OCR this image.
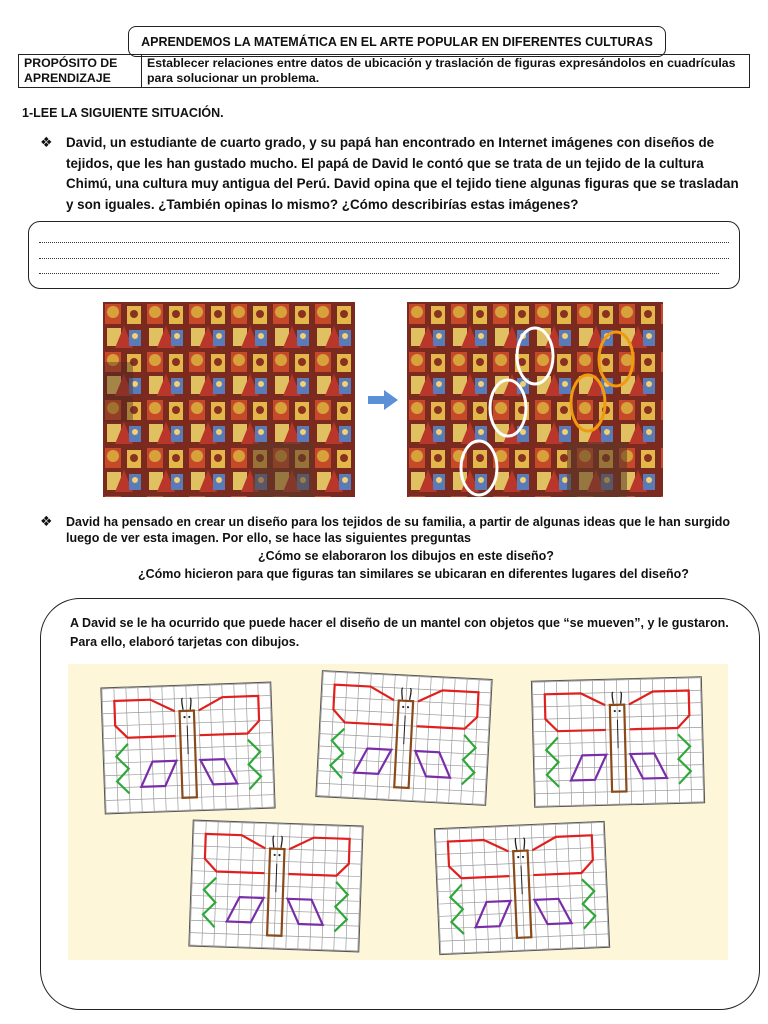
APRENDEMOS LA MATEMÁTICA EN EL ARTE POPULAR EN DIFERENTES CULTURAS
PROPÓSITO DE APRENDIZAJE	Establecer relaciones entre datos de ubicación y traslación de figuras expresándolos en cuadrículas para solucionar un problema.
1-LEE LA SIGUIENTE SITUACIÓN.
❖ David, un estudiante de cuarto grado, y su papá han encontrado en Internet imágenes con diseños de tejidos, que les han gustado mucho. El papá de David le contó que se trata de un tejido de la cultura Chimú, una cultura muy antigua del Perú. David opina que el tejido tiene algunas figuras que se trasladan y son iguales. ¿También opinas lo mismo? ¿Cómo describirías estas imágenes?
❖ David ha pensado en crear un diseño para los tejidos de su familia, a partir de algunas ideas que le han surgido
luego de ver esta imagen. Por ello, se hace las siguientes preguntas
¿Cómo se elaboraron los dibujos en este diseño?
¿Cómo hicieron para que figuras tan similares se ubicaran en diferentes lugares del diseño?
A David se le ha ocurrido que puede hacer el diseño de un mantel con objetos que “se mueven”, y le gustaron. Para ello, elaboró tarjetas con dibujos.
